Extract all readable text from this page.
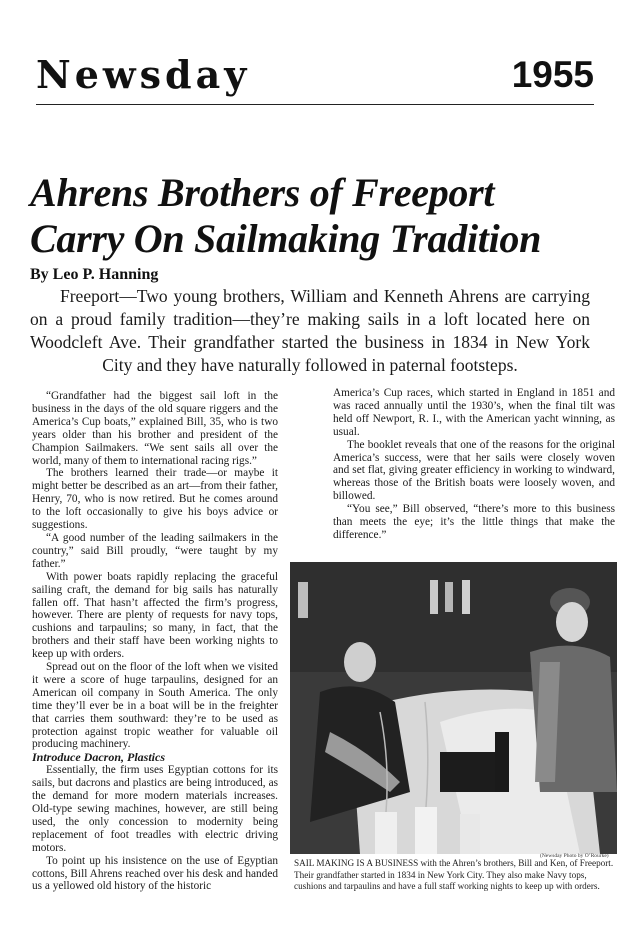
Newsday	1955
Ahrens Brothers of Freeport
Carry On Sailmaking Tradition
By Leo P. Hanning
Freeport—Two young brothers, William and Kenneth Ahrens are carrying on a proud family tradition—they’re making sails in a loft located here on Woodcleft Ave. Their grandfather started the business in 1834 in New York City and they have naturally followed in paternal footsteps.

“Grandfather had the biggest sail loft in the business in the days of the old square riggers and the America’s Cup boats,” explained Bill, 35, who is two years older than his brother and president of the Champion Sailmakers. “We sent sails all over the world, many of them to international racing rigs.”

The brothers learned their trade—or maybe it might better be described as an art—from their father, Henry, 70, who is now retired. But he comes around to the loft occasionally to give his boys advice or suggestions.

“A good number of the leading sailmakers in the country,” said Bill proudly, “were taught by my father.”

With power boats rapidly replacing the graceful sailing craft, the demand for big sails has naturally fallen off. That hasn’t affected the firm’s progress, however. There are plenty of requests for navy tops, cushions and tarpaulins; so many, in fact, that the brothers and their staff have been working nights to keep up with orders.

Spread out on the floor of the loft when we visited it were a score of huge tarpaulins, designed for an American oil company in South America. The only time they’ll ever be in a boat will be in the freighter that carries them southward: they’re to be used as protection against tropic weather for valuable oil producing machinery.

Introduce Dacron, Plastics

Essentially, the firm uses Egyptian cottons for its sails, but dacrons and plastics are being introduced, as the demand for more modern materials increases. Old-type sewing machines, however, are still being used, the only concession to modernity being replacement of foot treadles with electric driving motors.

To point up his insistence on the use of Egyptian cottons, Bill Ahrens reached over his desk and handed us a yellowed old history of the historic

America’s Cup races, which started in England in 1851 and was raced annually until the 1930’s, when the final tilt was held off Newport, R. I., with the American yacht winning, as usual.

The booklet reveals that one of the reasons for the original America’s success, were that her sails were closely woven and set flat, giving greater efficiency in working to windward, whereas those of the British boats were loosely woven, and billowed.

“You see,” Bill observed, “there’s more to this business than meets the eye; it’s the little things that make the difference.”

(Newsday Photo by O’Rourke)
SAIL MAKING IS A BUSINESS with the Ahren’s brothers, Bill and Ken, of Freeport. Their grandfather started in 1834 in New York City. They also make Navy tops, cushions and tarpaulins and have a full staff working nights to keep up with orders.
